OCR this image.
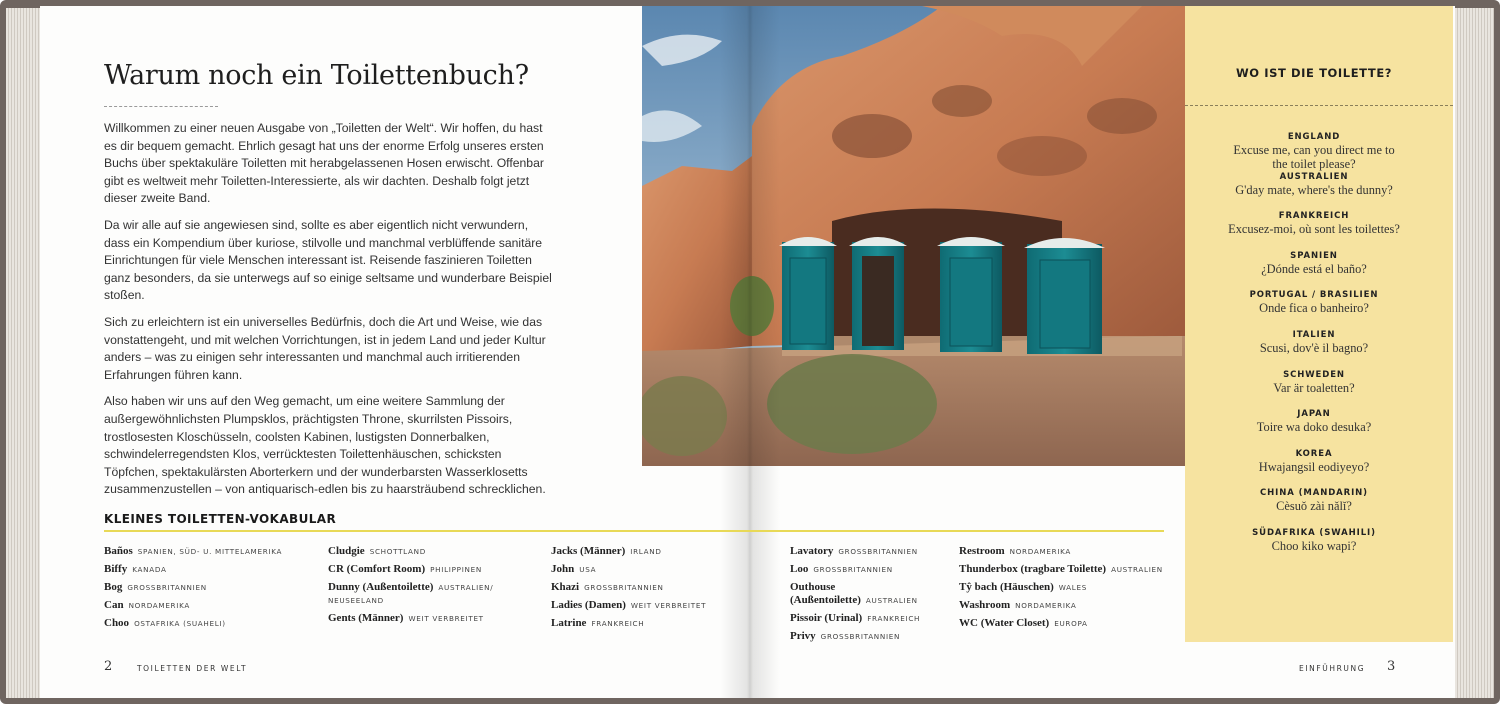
Warum noch ein Toilettenbuch?

Willkommen zu einer neuen Ausgabe von „Toiletten der Welt“. Wir hoffen, du hast es dir bequem gemacht. Ehrlich gesagt hat uns der enorme Erfolg unseres ersten Buchs über spektakuläre Toiletten mit herabgelassenen Hosen erwischt. Offenbar gibt es weltweit mehr Toiletten-Interessierte, als wir dachten. Deshalb folgt jetzt dieser zweite Band.

Da wir alle auf sie angewiesen sind, sollte es aber eigentlich nicht verwundern, dass ein Kompendium über kuriose, stilvolle und manchmal verblüffende sanitäre Einrichtungen für viele Menschen interessant ist. Reisende faszinieren Toiletten ganz besonders, da sie unterwegs auf so einige seltsame und wunderbare Beispiel stoßen.

Sich zu erleichtern ist ein universelles Bedürfnis, doch die Art und Weise, wie das vonstattengeht, und mit welchen Vorrichtungen, ist in jedem Land und jeder Kultur anders – was zu einigen sehr interessanten und manchmal auch irritierenden Erfahrungen führen kann.

Also haben wir uns auf den Weg gemacht, um eine weitere Sammlung der außergewöhnlichsten Plumpsklos, prächtigsten Throne, skurrilsten Pissoirs, trostlosesten Kloschüsseln, coolsten Kabinen, lustigsten Donnerbalken, schwindelerregendsten Klos, verrücktesten Toilettenhäuschen, schicksten Töpfchen, spektakulärsten Aborterkern und der wunderbarsten Wasserklosetts zusammenzustellen – von antiquarisch-edlen bis zu haarsträubend schrecklichen.

WO IST DIE TOILETTE?
ENGLAND
Excuse me, can you direct me to the toilet please?
AUSTRALIEN
G'day mate, where's the dunny?
FRANKREICH
Excusez-moi, où sont les toilettes?
SPANIEN
¿Dónde está el baño?
PORTUGAL / BRASILIEN
Onde fica o banheiro?
ITALIEN
Scusi, dov'è il bagno?
SCHWEDEN
Var är toaletten?
JAPAN
Toire wa doko desuka?
KOREA
Hwajangsil eodiyeyo?
CHINA (MANDARIN)
Cèsuǒ zài nǎlǐ?
SÜDAFRIKA (SWAHILI)
Choo kiko wapi?
KLEINES TOILETTEN-VOKABULAR
Baños SPANIEN, SÜD- U. MITTELAMERIKA
Biffy KANADA
Bog GROSSBRITANNIEN
Can NORDAMERIKA
Choo OSTAFRIKA (SUAHELI)
Cludgie SCHOTTLAND
CR (Comfort Room) PHILIPPINEN
Dunny (Außentoilette) AUSTRALIEN/ NEUSEELAND
Gents (Männer) WEIT VERBREITET
Jacks (Männer) IRLAND
John USA
Khazi GROSSBRITANNIEN
Ladies (Damen) WEIT VERBREITET
Latrine FRANKREICH
Lavatory GROSSBRITANNIEN
Loo GROSSBRITANNIEN
Outhouse (Außentoilette) AUSTRALIEN
Pissoir (Urinal) FRANKREICH
Privy GROSSBRITANNIEN
Restroom NORDAMERIKA
Thunderbox (tragbare Toilette) AUSTRALIEN
Tŷ bach (Häuschen) WALES
Washroom NORDAMERIKA
WC (Water Closet) EUROPA
2	TOILETTEN DER WELT	EINFÜHRUNG 3
